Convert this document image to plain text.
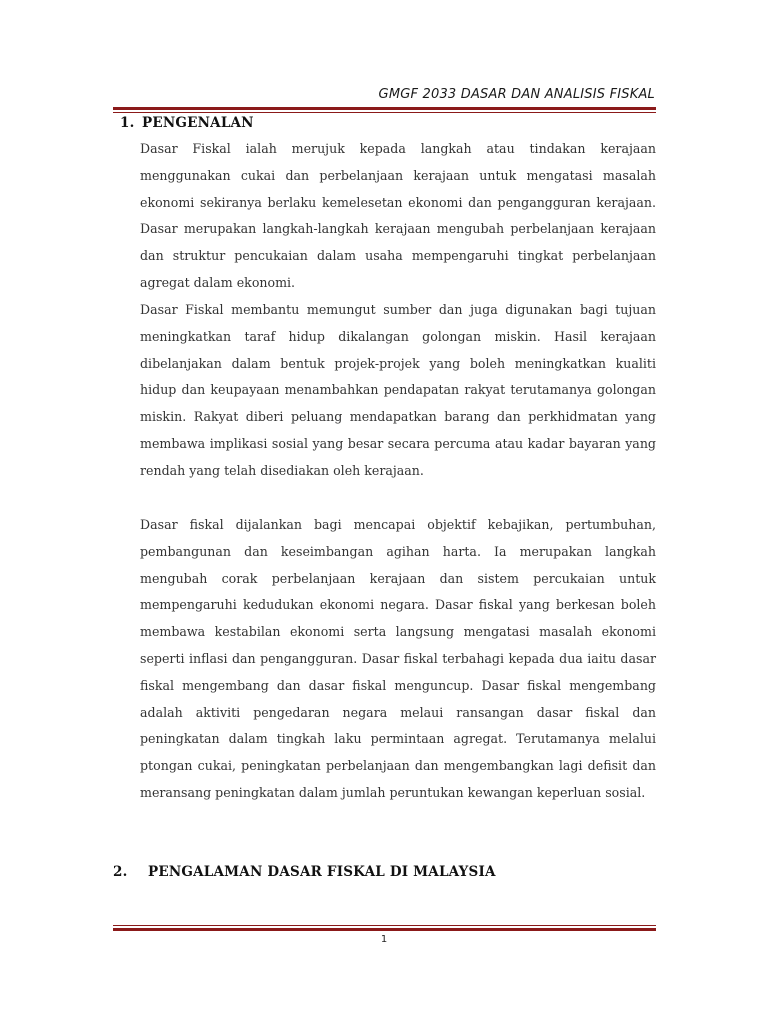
GMGF 2033 DASAR DAN ANALISIS FISKAL
1. PENGENALAN

Dasar Fiskal ialah merujuk kepada langkah atau tindakan kerajaan menggunakan cukai dan perbelanjaan kerajaan untuk mengatasi masalah ekonomi sekiranya berlaku kemelesetan ekonomi dan pengangguran kerajaan. Dasar merupakan langkah-langkah kerajaan mengubah perbelanjaan kerajaan dan struktur pencukaian dalam usaha mempengaruhi tingkat perbelanjaan agregat dalam ekonomi.

Dasar Fiskal membantu memungut sumber dan juga digunakan bagi tujuan meningkatkan taraf hidup dikalangan golongan miskin. Hasil kerajaan dibelanjakan dalam bentuk projek-projek yang boleh meningkatkan kualiti hidup dan keupayaan menambahkan pendapatan rakyat terutamanya golongan miskin. Rakyat diberi peluang mendapatkan barang dan perkhidmatan yang membawa implikasi sosial yang besar secara percuma atau kadar bayaran yang rendah yang telah disediakan oleh kerajaan.

Dasar fiskal dijalankan bagi mencapai objektif kebajikan, pertumbuhan, pembangunan dan keseimbangan agihan harta. Ia merupakan langkah mengubah corak perbelanjaan kerajaan dan sistem percukaian untuk mempengaruhi kedudukan ekonomi negara. Dasar fiskal yang berkesan boleh membawa kestabilan ekonomi serta langsung mengatasi masalah ekonomi seperti inflasi dan pengangguran. Dasar fiskal terbahagi kepada dua iaitu dasar fiskal mengembang dan dasar fiskal menguncup. Dasar fiskal mengembang adalah aktiviti pengedaran negara melaui ransangan dasar fiskal dan peningkatan dalam tingkah laku permintaan agregat. Terutamanya melalui ptongan cukai, peningkatan perbelanjaan dan mengembangkan lagi defisit dan meransang peningkatan dalam jumlah peruntukan kewangan keperluan sosial.

2. PENGALAMAN DASAR FISKAL DI MALAYSIA
1
